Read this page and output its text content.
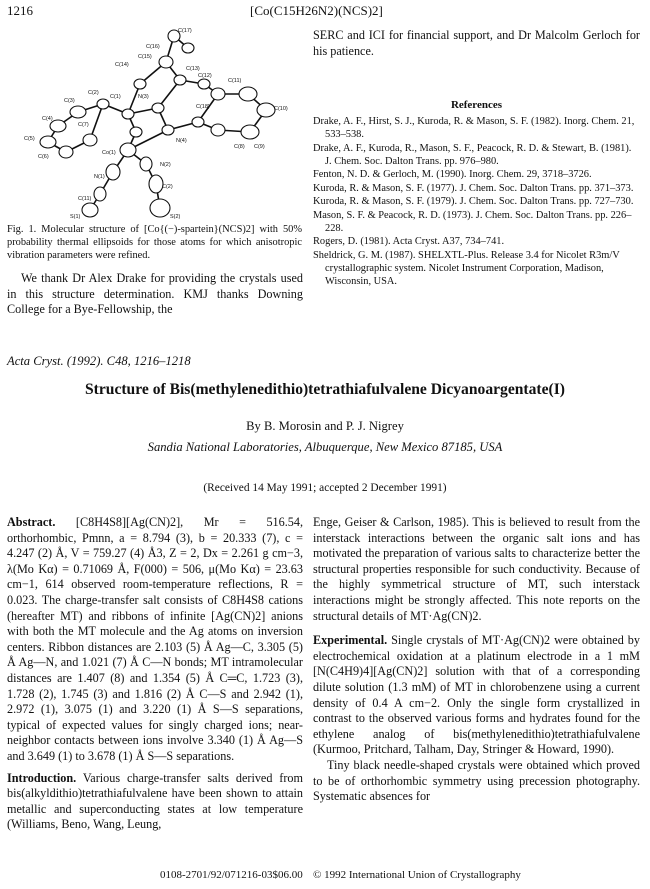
1216	[Co(C15H26N2)(NCS)2]
C(17)
C(16)
C(15)
C(14)
N(3)
C(13)
C(12)
C(11)
C(10)
C(2)
C(3)
C(1)
C(4)
C(5)
C(6)
C(7)
C(8) C(9)
N(4)
C(18)
Co(1)
N(2)
N(1)
C(11)
C(2)
S(1)	S(2)
Fig. 1. Molecular structure of [Co{(−)-spartein}(NCS)2] with 50% probability thermal ellipsoids for those atoms for which anisotropic vibration parameters were refined.
We thank Dr Alex Drake for providing the crystals used in this structure determination. KMJ thanks Downing College for a Bye-Fellowship, the
SERC and ICI for financial support, and Dr Malcolm Gerloch for his patience.
References

Drake, A. F., Hirst, S. J., Kuroda, R. & Mason, S. F. (1982). Inorg. Chem. 21, 533–538.

Drake, A. F., Kuroda, R., Mason, S. F., Peacock, R. D. & Stewart, B. (1981). J. Chem. Soc. Dalton Trans. pp. 976–980.

Fenton, N. D. & Gerloch, M. (1990). Inorg. Chem. 29, 3718–3726.

Kuroda, R. & Mason, S. F. (1977). J. Chem. Soc. Dalton Trans. pp. 371–373.

Kuroda, R. & Mason, S. F. (1979). J. Chem. Soc. Dalton Trans. pp. 727–730.

Mason, S. F. & Peacock, R. D. (1973). J. Chem. Soc. Dalton Trans. pp. 226–228.

Rogers, D. (1981). Acta Cryst. A37, 734–741.

Sheldrick, G. M. (1987). SHELXTL-Plus. Release 3.4 for Nicolet R3m/V crystallographic system. Nicolet Instrument Corporation, Madison, Wisconsin, USA.

Acta Cryst. (1992). C48, 1216–1218
Structure of Bis(methylenedithio)tetrathiafulvalene Dicyanoargentate(I)
By B. Morosin and P. J. Nigrey
Sandia National Laboratories, Albuquerque, New Mexico 87185, USA
(Received 14 May 1991; accepted 2 December 1991)

Abstract. [C8H4S8][Ag(CN)2], Mr = 516.54, orthorhombic, Pmnn, a = 8.794 (3), b = 20.333 (7), c = 4.247 (2) Å, V = 759.27 (4) Å3, Z = 2, Dx = 2.261 g cm−3, λ(Mo Kα) = 0.71069 Å, F(000) = 506, μ(Mo Kα) = 23.63 cm−1, 614 observed room-temperature reflections, R = 0.023. The charge-transfer salt consists of C8H4S8 cations (hereafter MT) and ribbons of infinite [Ag(CN)2] anions with both the MT molecule and the Ag atoms on inversion centers. Ribbon distances are 2.103 (5) Å Ag—C, 3.305 (5) Å Ag—N, and 1.021 (7) Å C—N bonds; MT intramolecular distances are 1.407 (8) and 1.354 (5) Å C═C, 1.723 (3), 1.728 (2), 1.745 (3) and 1.816 (2) Å C—S and 2.942 (1), 2.972 (1), 3.075 (1) and 3.220 (1) Å S—S separations, typical of expected values for singly charged ions; near-neighbor contacts between ions involve 3.340 (1) Å Ag—S and 3.649 (1) to 3.678 (1) Å S—S separations.

Introduction. Various charge-transfer salts derived from bis(alkyldithio)tetrathiafulvalene have been shown to attain metallic and superconducting states at low temperature (Williams, Beno, Wang, Leung,

Enge, Geiser & Carlson, 1985). This is believed to result from the interstack interactions between the organic salt ions and has motivated the preparation of various salts to characterize better the structural properties responsible for such conductivity. Because of the highly symmetrical structure of MT, such interstack interactions might be strongly affected. This note reports on the structural details of MT·Ag(CN)2.

Experimental. Single crystals of MT·Ag(CN)2 were obtained by electrochemical oxidation at a platinum electrode in a 1 mM [N(C4H9)4][Ag(CN)2] solution with that of a corresponding dilute solution (1.3 mM) of MT in chlorobenzene using a current density of 0.4 A cm−2. Only the single form crystallized in contrast to the observed various forms and hydrates found for the ethylene analog of bis(methylenedithio)tetrathiafulvalene (Kurmoo, Pritchard, Talham, Day, Stringer & Howard, 1990).

Tiny black needle-shaped crystals were obtained which proved to be of orthorhombic symmetry using precession photography. Systematic absences for

0108-2701/92/071216-03$06.00 © 1992 International Union of Crystallography
